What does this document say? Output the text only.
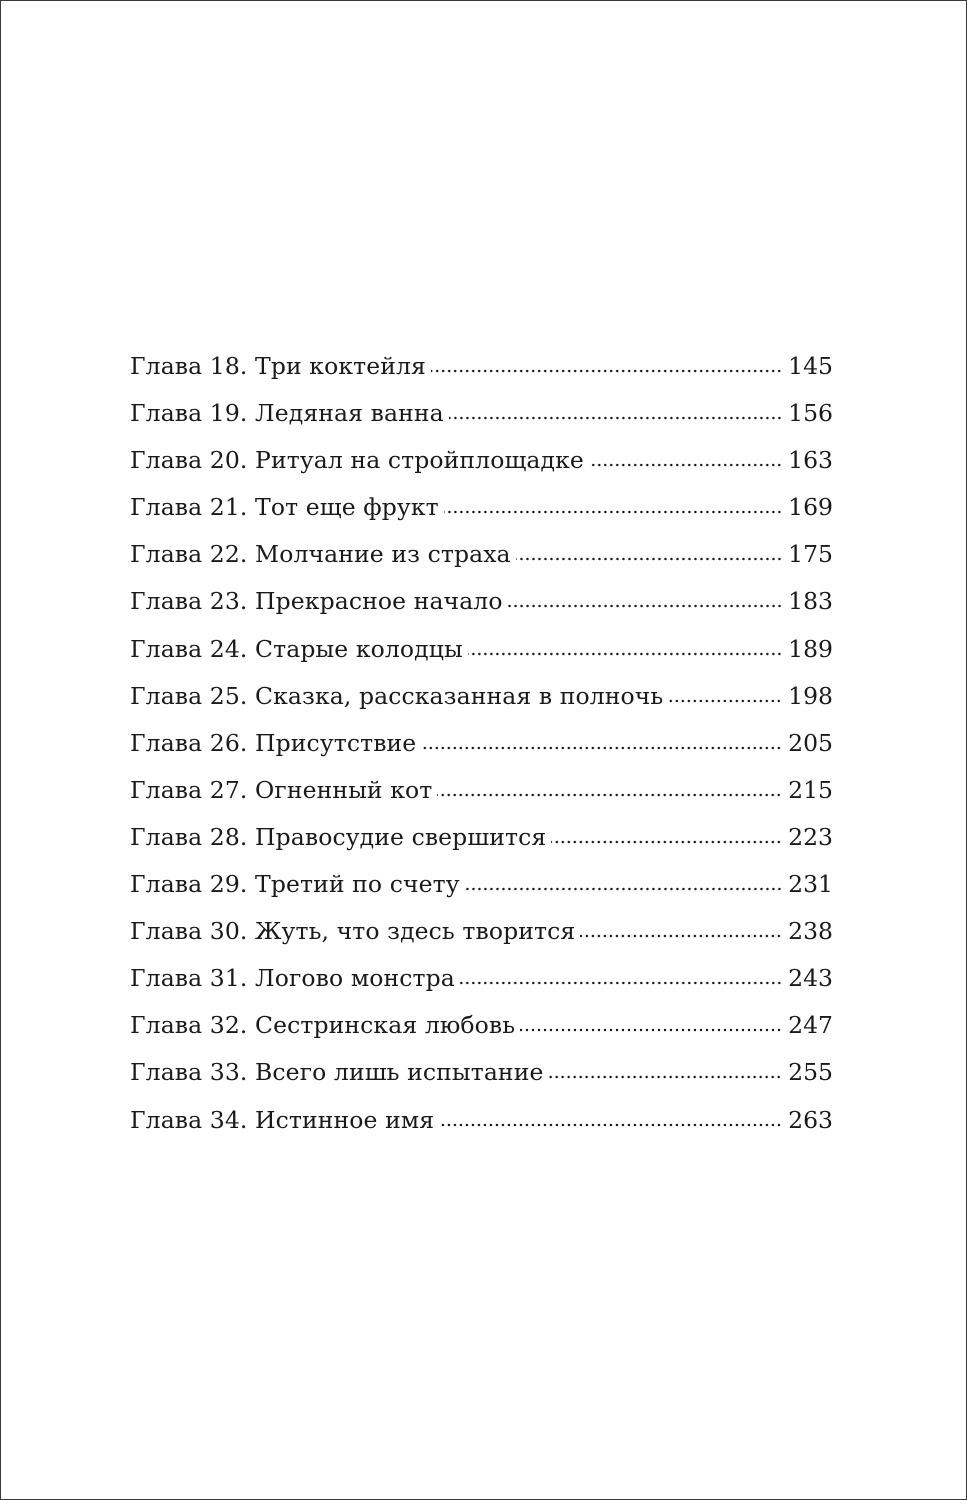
Глава 18. Три коктейля	145
Глава 19. Ледяная ванна	156
Глава 20. Ритуал на стройплощадке	163
Глава 21. Тот еще фрукт	169
Глава 22. Молчание из страха	175
Глава 23. Прекрасное начало	183
Глава 24. Старые колодцы	189
Глава 25. Сказка, рассказанная в полночь	198
Глава 26. Присутствие	205
Глава 27. Огненный кот	215
Глава 28. Правосудие свершится	223
Глава 29. Третий по счету	231
Глава 30. Жуть, что здесь творится	238
Глава 31. Логово монстра	243
Глава 32. Сестринская любовь	247
Глава 33. Всего лишь испытание	255
Глава 34. Истинное имя	263
